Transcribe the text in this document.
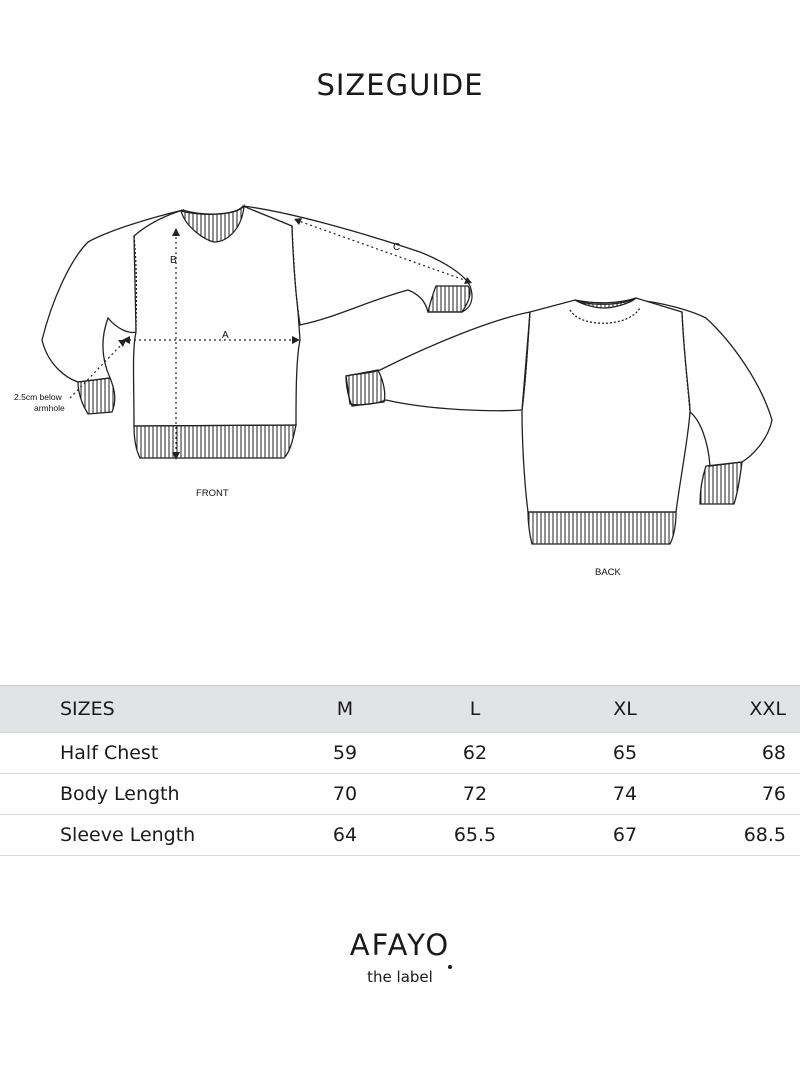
SIZEGUIDE
B
A
C
2.5cm below
armhole
FRONT
BACK
SIZES	M	L	XL	XXL
Half Chest	59	62	65	68
Body Length	70	72	74	76
Sleeve Length	64	65.5	67	68.5
AFAYO
the label
